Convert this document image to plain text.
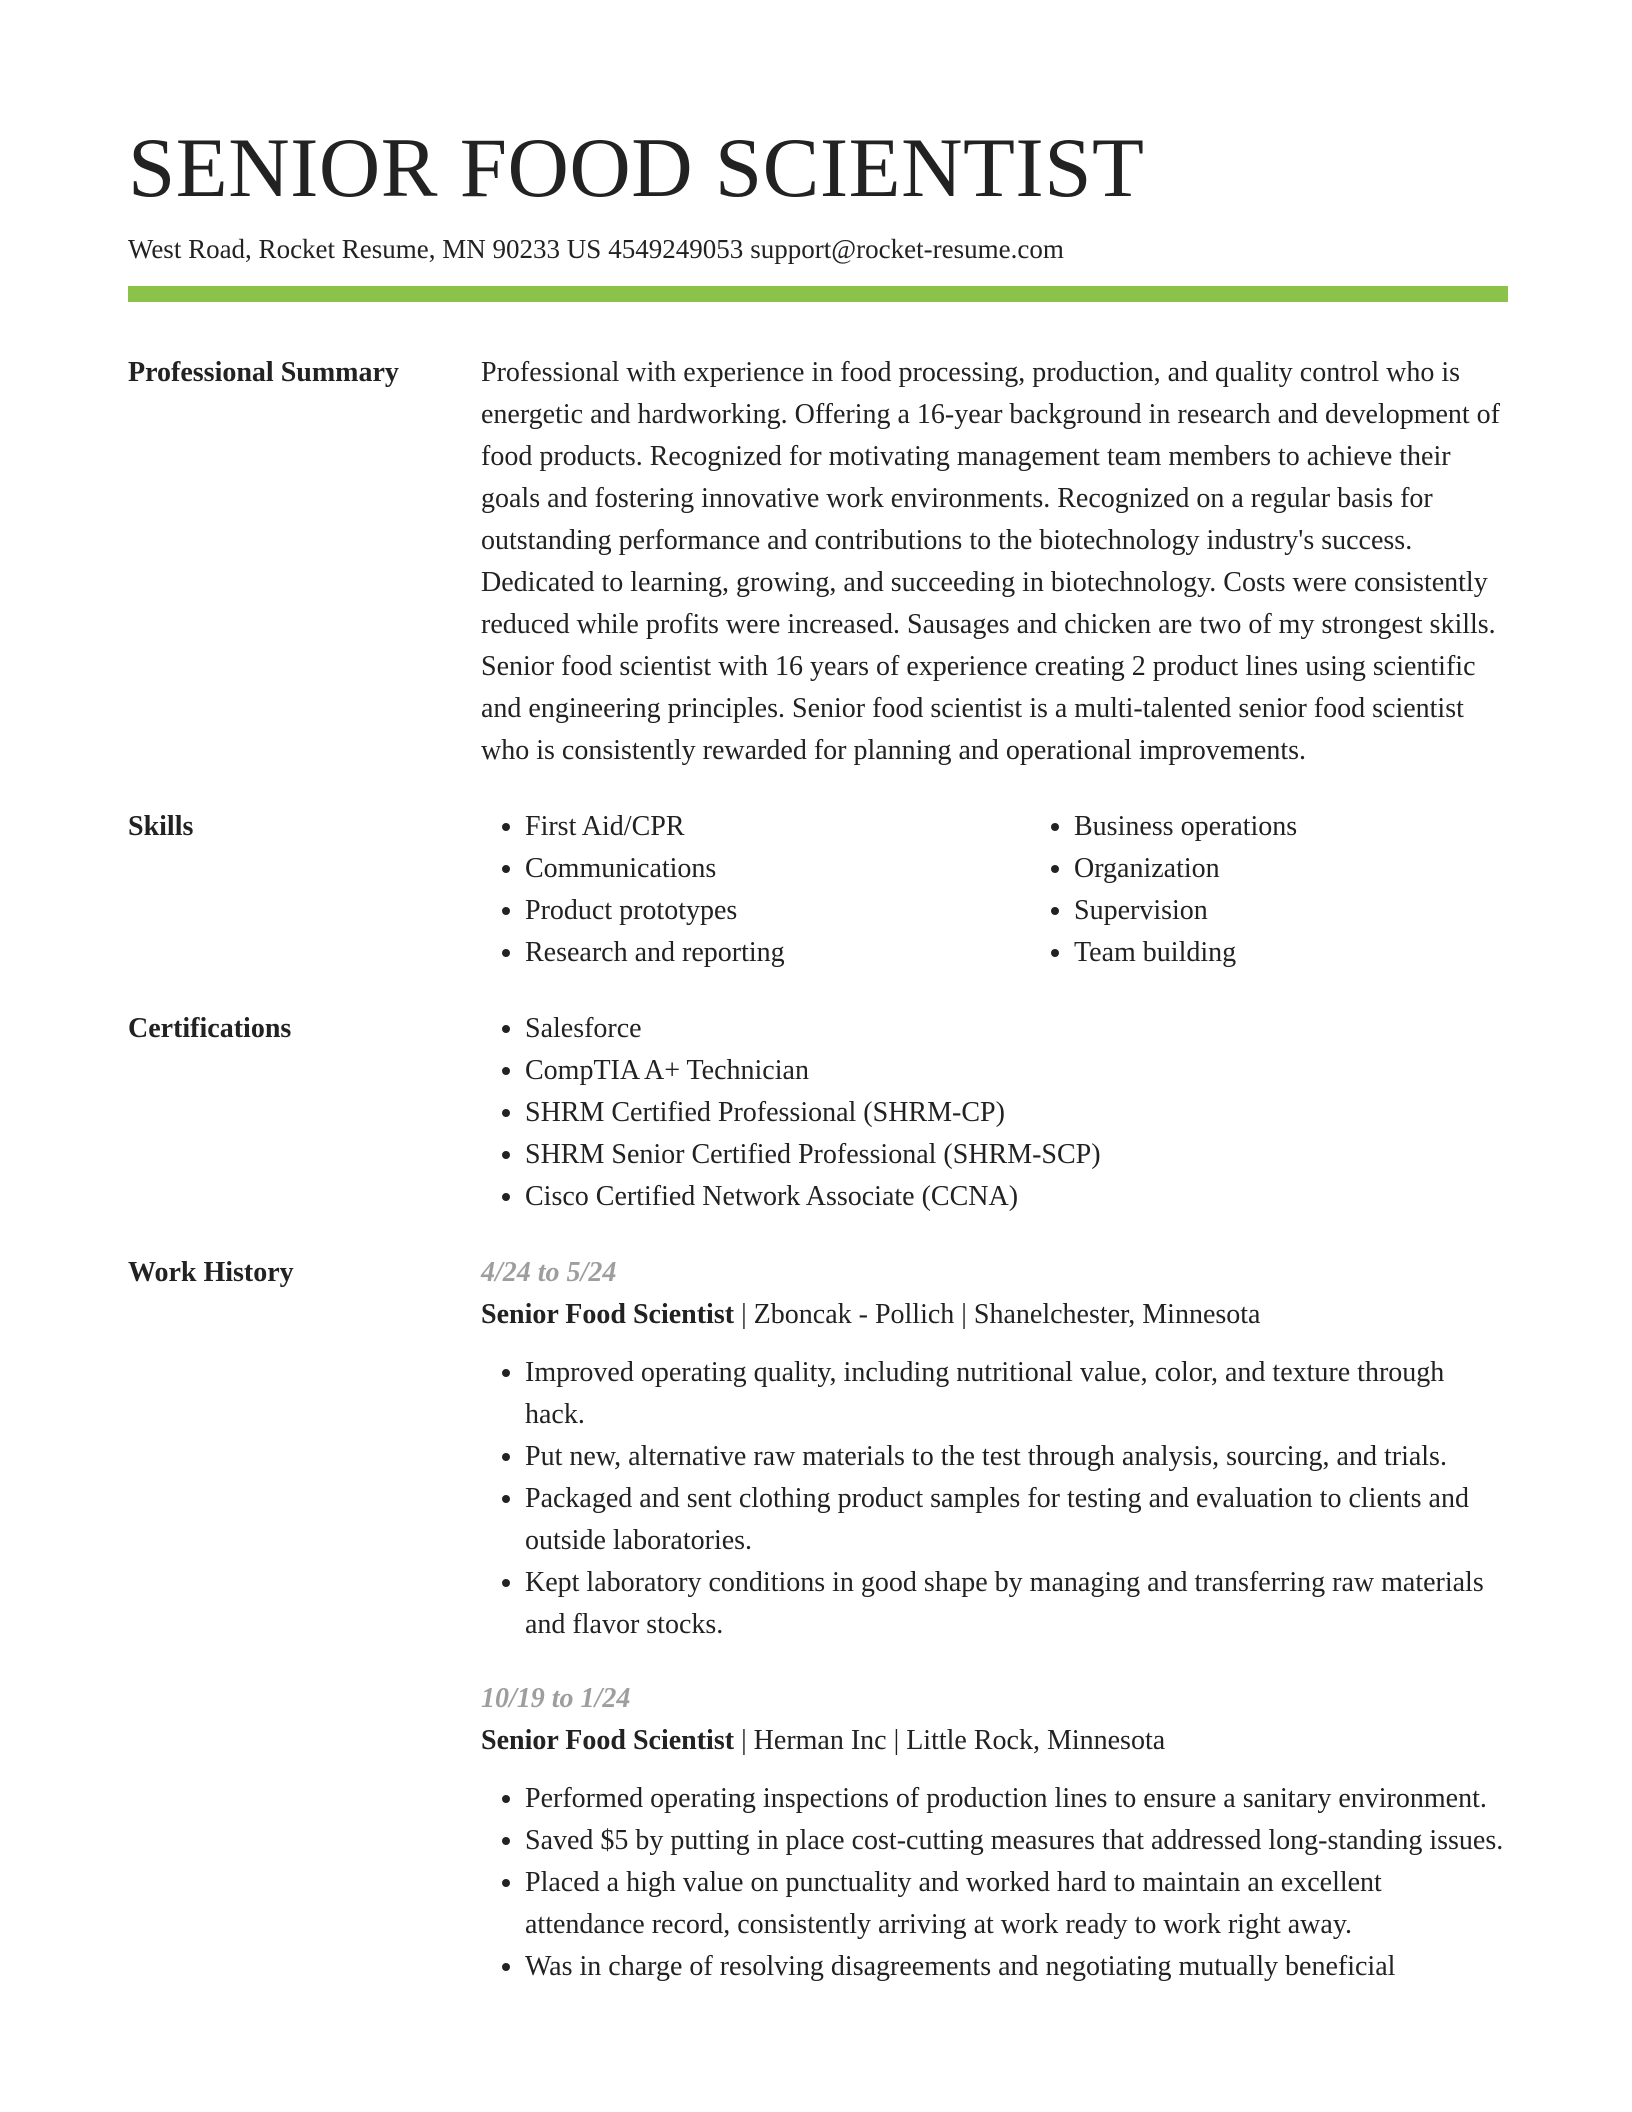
SENIOR FOOD SCIENTIST
West Road, Rocket Resume, MN 90233 US 4549249053 support@rocket-resume.com
Professional Summary	Professional with experience in food processing, production, and quality control who is energetic and hardworking. Offering a 16-year background in research and development of food products. Recognized for motivating management team members to achieve their goals and fostering innovative work environments. Recognized on a regular basis for outstanding performance and contributions to the biotechnology industry's success. Dedicated to learning, growing, and succeeding in biotechnology. Costs were consistently reduced while profits were increased. Sausages and chicken are two of my strongest skills. Senior food scientist with 16 years of experience creating 2 product lines using scientific and engineering principles. Senior food scientist is a multi-talented senior food scientist who is consistently rewarded for planning and operational improvements.

Skills	• First Aid/CPR
• Communications
• Product prototypes
• Research and reporting
• Business operations
• Organization
• Supervision
• Team building
Certifications	• Salesforce
• CompTIA A+ Technician
• SHRM Certified Professional (SHRM-CP)
• SHRM Senior Certified Professional (SHRM-SCP)
• Cisco Certified Network Associate (CCNA)
Work History	4/24 to 5/24

Senior Food Scientist | Zboncak - Pollich | Shanelchester, Minnesota

• Improved operating quality, including nutritional value, color, and texture through hack.
• Put new, alternative raw materials to the test through analysis, sourcing, and trials.
• Packaged and sent clothing product samples for testing and evaluation to clients and outside laboratories.
• Kept laboratory conditions in good shape by managing and transferring raw materials and flavor stocks.
10/19 to 1/24

Senior Food Scientist | Herman Inc | Little Rock, Minnesota

• Performed operating inspections of production lines to ensure a sanitary environment.
• Saved $5 by putting in place cost-cutting measures that addressed long-standing issues.
• Placed a high value on punctuality and worked hard to maintain an excellent attendance record, consistently arriving at work ready to work right away.
• Was in charge of resolving disagreements and negotiating mutually beneficial
